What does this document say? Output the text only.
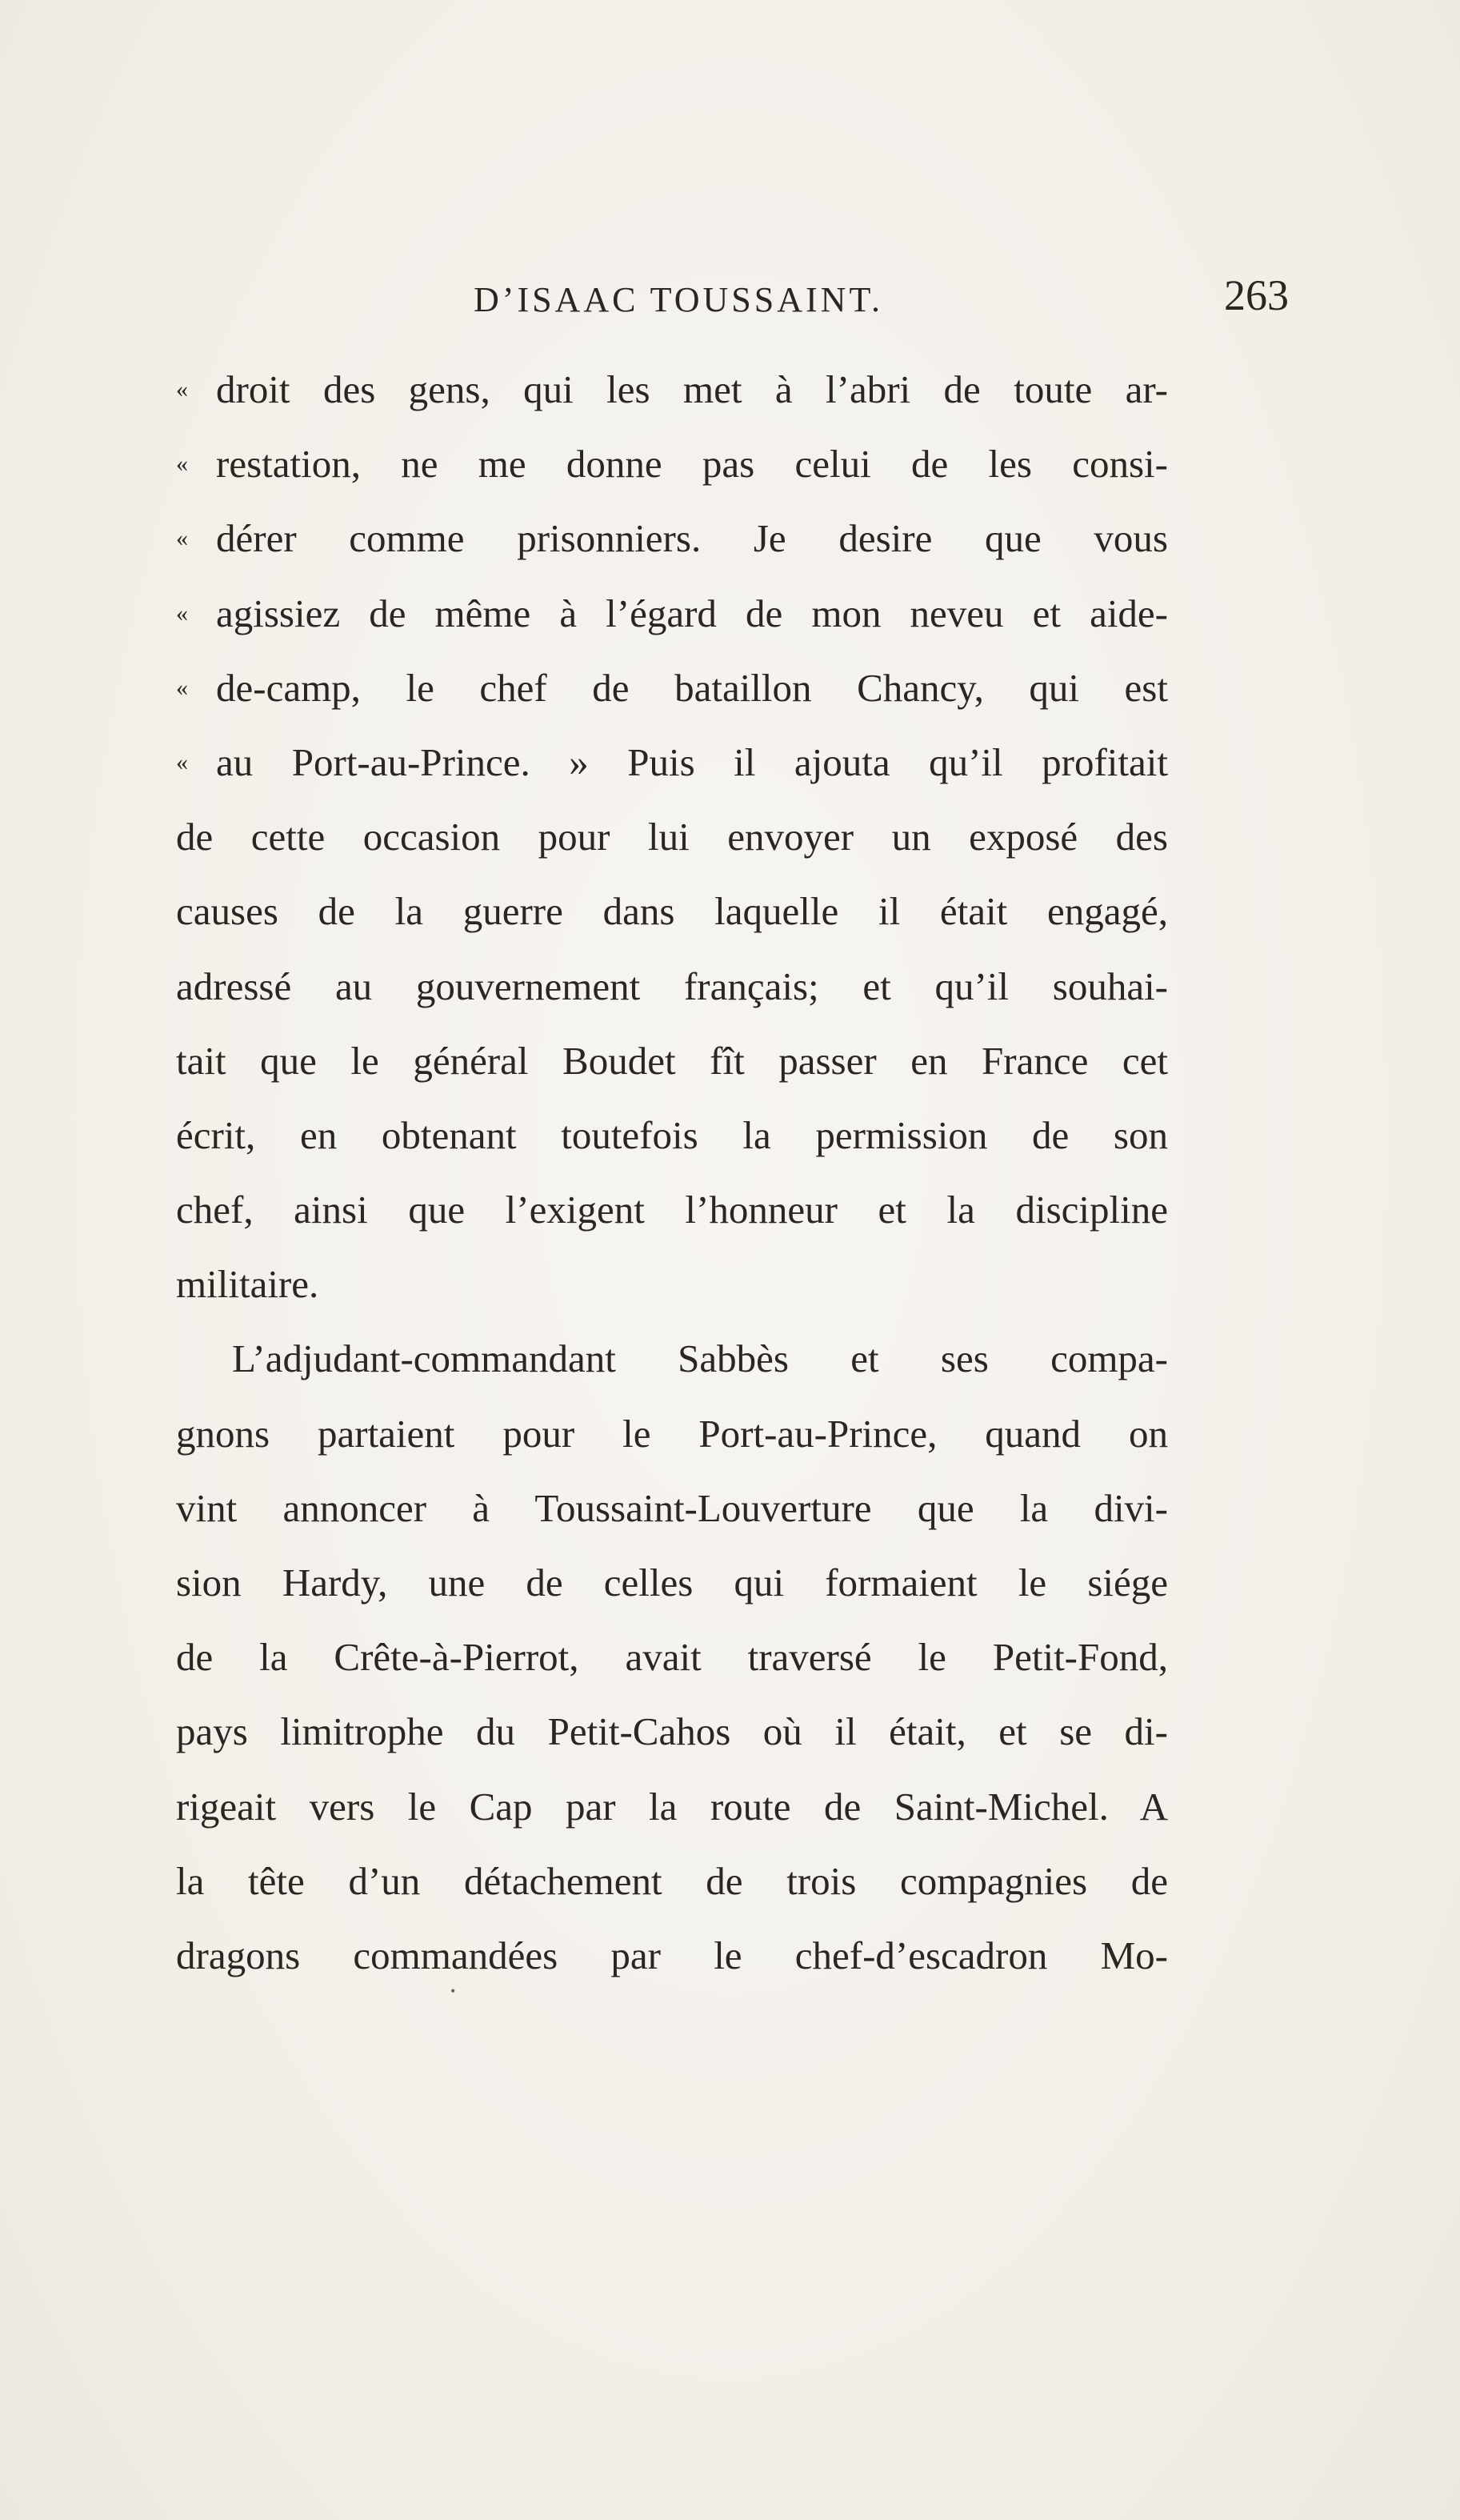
D’ISAAC TOUSSAINT.	263
« droit des gens, qui les met à l’abri de toute ar-
« restation, ne me donne pas celui de les consi-
« dérer comme prisonniers. Je desire que vous
« agissiez de même à l’égard de mon neveu et aide-
« de-camp, le chef de bataillon Chancy, qui est
« au Port-au-Prince. » Puis il ajouta qu’il profitait
de cette occasion pour lui envoyer un exposé des
causes de la guerre dans laquelle il était engagé,
adressé au gouvernement français; et qu’il souhai-
tait que le général Boudet fît passer en France cet
écrit, en obtenant toutefois la permission de son
chef, ainsi que l’exigent l’honneur et la discipline
militaire.
L’adjudant-commandant Sabbès et ses compa-
gnons partaient pour le Port-au-Prince, quand on
vint annoncer à Toussaint-Louverture que la divi-
sion Hardy, une de celles qui formaient le siége
de la Crête-à-Pierrot, avait traversé le Petit-Fond,
pays limitrophe du Petit-Cahos où il était, et se di-
rigeait vers le Cap par la route de Saint-Michel. A
la tête d’un détachement de trois compagnies de
dragons commandées par le chef-d’escadron Mo-
•
